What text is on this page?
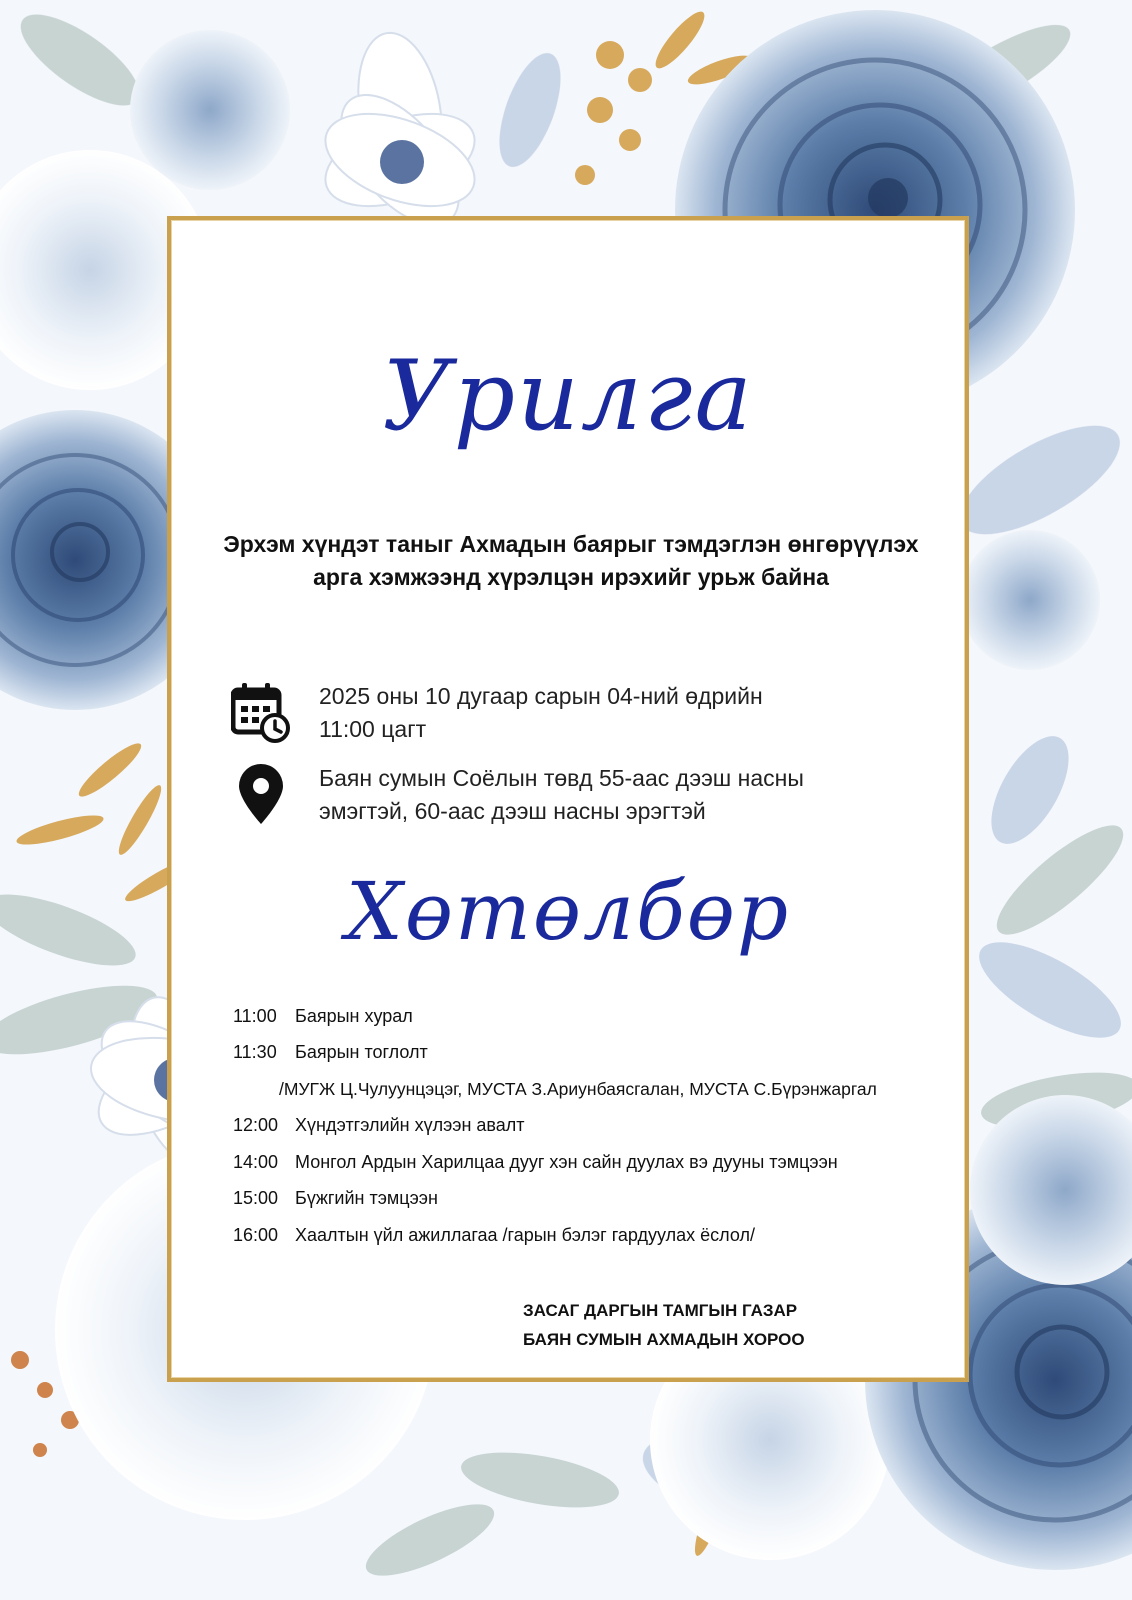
Урилга
Эрхэм хүндэт таныг Ахмадын баярыг тэмдэглэн өнгөрүүлэх арга хэмжээнд хүрэлцэн ирэхийг урьж байна
2025 оны 10 дугаар сарын 04-ний өдрийн
11:00 цагт
Баян сумын Соёлын төвд 55-аас дээш насны
эмэгтэй, 60-аас дээш насны эрэгтэй
Хөтөлбөр
11:00	Баярын хурал
11:30	Баярын тоглолт
/МУГЖ Ц.Чулуунцэцэг, МУСТА З.Ариунбаясгалан, МУСТА С.Бүрэнжаргал
12:00 Хүндэтгэлийн хүлээн авалт
14:00 Монгол Ардын Харилцаа дууг хэн сайн дуулах вэ дууны тэмцээн
15:00 Бүжгийн тэмцээн
16:00 Хаалтын үйл ажиллагаа /гарын бэлэг гардуулах ёслол/
ЗАСАГ ДАРГЫН ТАМГЫН ГАЗАР
БАЯН СУМЫН АХМАДЫН ХОРОО
